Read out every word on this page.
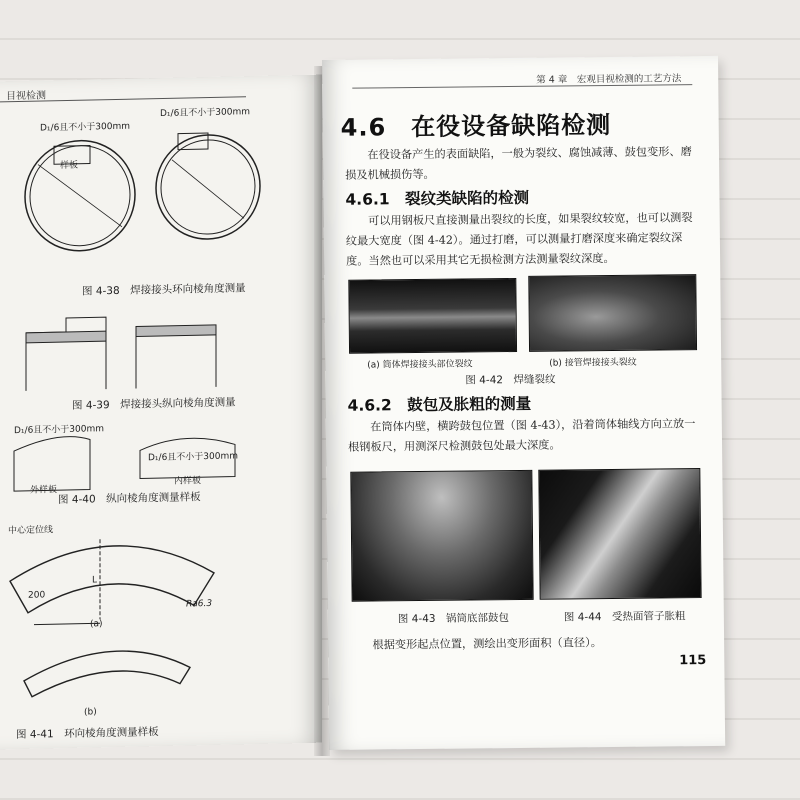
目视检测
D₁/6且不小于300mm
D₁/6且不小于300mm
样板
图 4-38　焊接接头环向棱角度测量
图 4-39　焊接接头纵向棱角度测量
D₁/6且不小于300mm
D₁/6且不小于300mm
外样板
内样板
图 4-40　纵向棱角度测量样板
中心定位线
200
L
Ra6.3
(a)
(b)
图 4-41　环向棱角度测量样板
第 4 章　宏观目视检测的工艺方法
4.6　在役设备缺陷检测
在役设备产生的表面缺陷，一般为裂纹、腐蚀减薄、鼓包变形、磨损及机械损伤等。
4.6.1　裂纹类缺陷的检测
可以用钢板尺直接测量出裂纹的长度，如果裂纹较宽，也可以测裂纹最大宽度（图 4-42）。通过打磨，可以测量打磨深度来确定裂纹深度。当然也可以采用其它无损检测方法测量裂纹深度。
(a) 筒体焊接接头部位裂纹	(b) 接管焊接接头裂纹
图 4-42　焊缝裂纹
4.6.2　鼓包及胀粗的测量
在筒体内壁，横跨鼓包位置（图 4-43），沿着筒体轴线方向立放一根钢板尺，用测深尺检测鼓包处最大深度。
图 4-43　锅筒底部鼓包	图 4-44　受热面管子胀粗
根据变形起点位置，测绘出变形面积（直径）。
115
